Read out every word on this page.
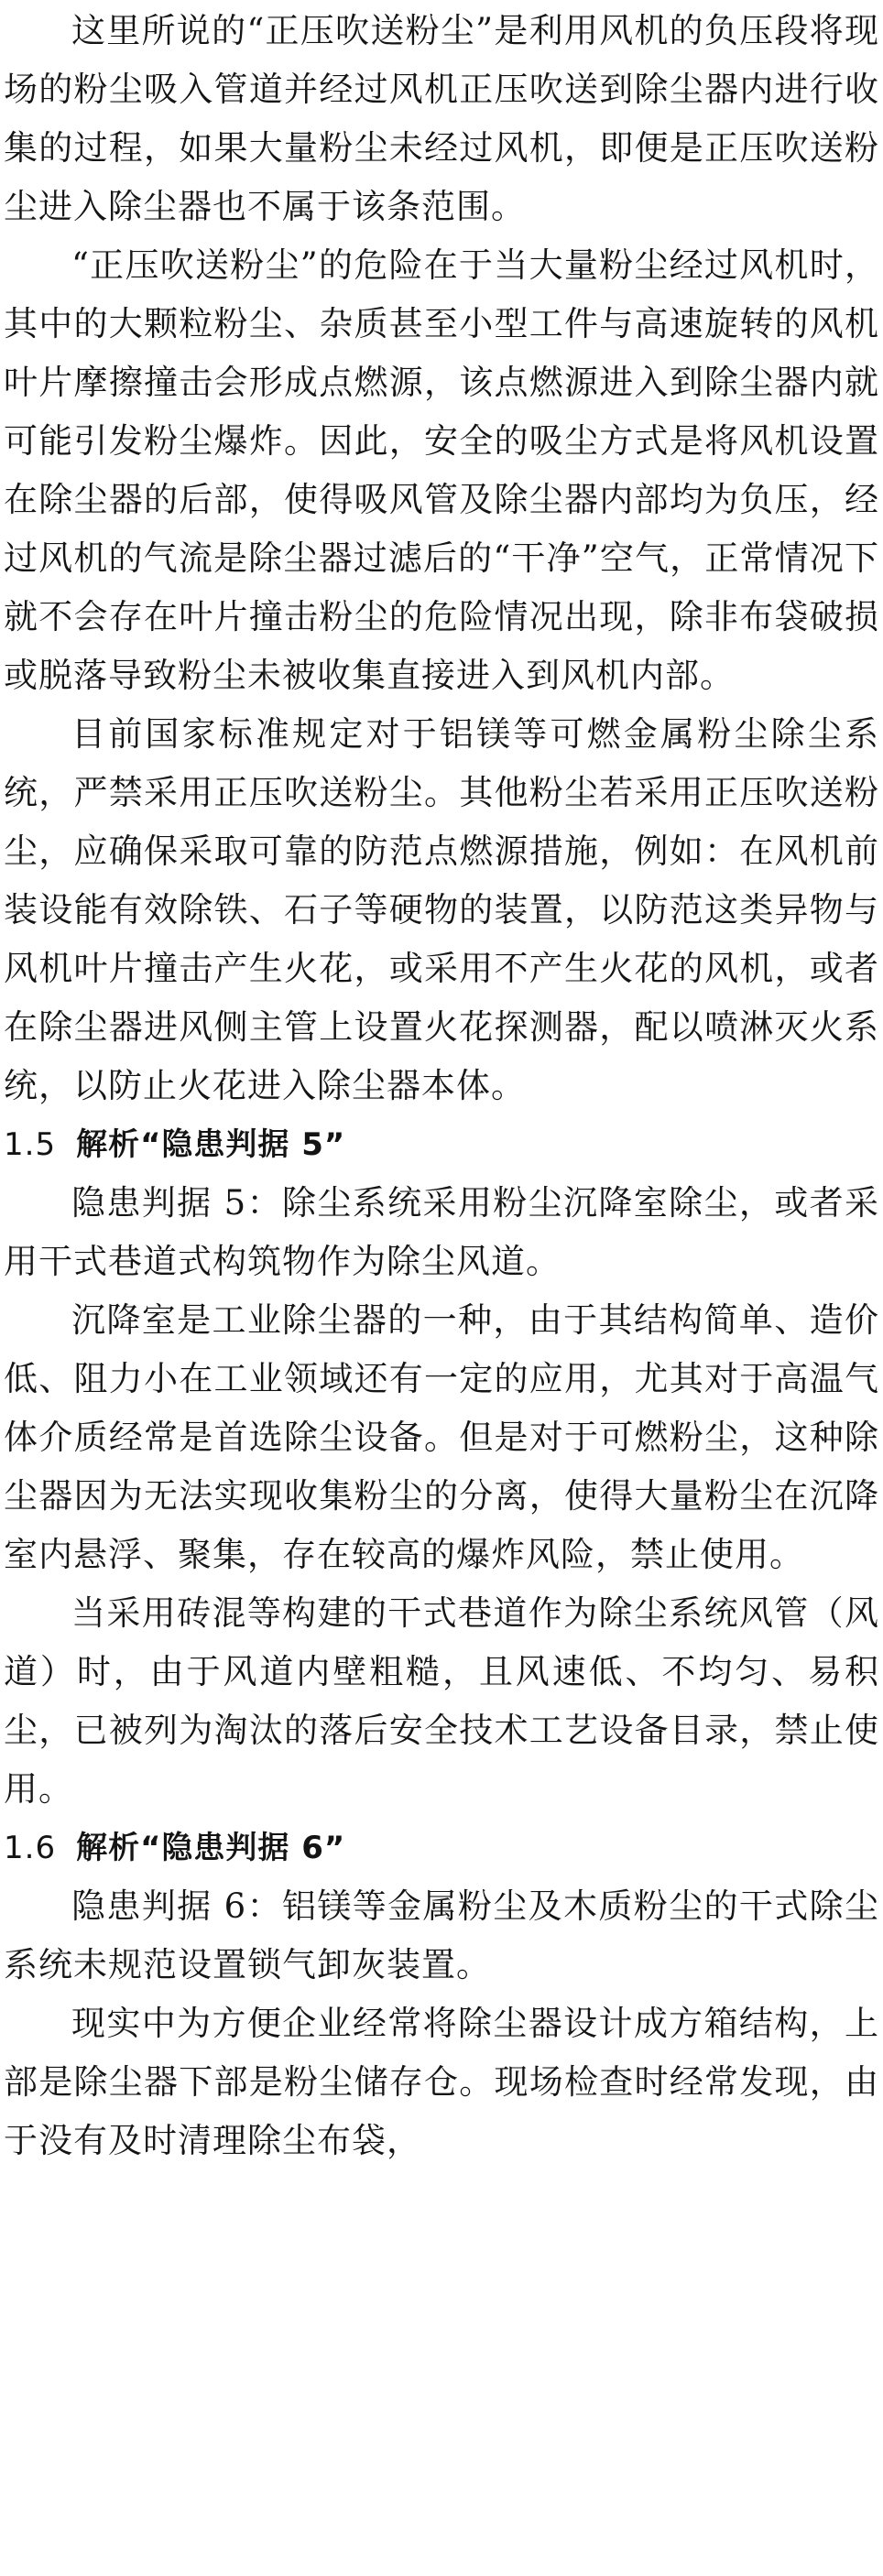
这里所说的“正压吹送粉尘”是利用风机的负压段将现场的粉尘吸入管道并经过风机正压吹送到除尘器内进行收集的过程，如果大量粉尘未经过风机，即便是正压吹送粉尘进入除尘器也不属于该条范围。

“正压吹送粉尘”的危险在于当大量粉尘经过风机时，其中的大颗粒粉尘、杂质甚至小型工件与高速旋转的风机叶片摩擦撞击会形成点燃源，该点燃源进入到除尘器内就可能引发粉尘爆炸。因此，安全的吸尘方式是将风机设置在除尘器的后部，使得吸风管及除尘器内部均为负压，经过风机的气流是除尘器过滤后的“干净”空气，正常情况下就不会存在叶片撞击粉尘的危险情况出现，除非布袋破损或脱落导致粉尘未被收集直接进入到风机内部。

目前国家标准规定对于铝镁等可燃金属粉尘除尘系统，严禁采用正压吹送粉尘。其他粉尘若采用正压吹送粉尘，应确保采取可靠的防范点燃源措施，例如：在风机前装设能有效除铁、石子等硬物的装置，以防范这类异物与风机叶片撞击产生火花，或采用不产生火花的风机，或者在除尘器进风侧主管上设置火花探测器，配以喷淋灭火系统，以防止火花进入除尘器本体。

1.5 解析“隐患判据 5”

隐患判据 5：除尘系统采用粉尘沉降室除尘，或者采用干式巷道式构筑物作为除尘风道。

沉降室是工业除尘器的一种，由于其结构简单、造价低、阻力小在工业领域还有一定的应用，尤其对于高温气体介质经常是首选除尘设备。但是对于可燃粉尘，这种除尘器因为无法实现收集粉尘的分离，使得大量粉尘在沉降室内悬浮、聚集，存在较高的爆炸风险，禁止使用。

当采用砖混等构建的干式巷道作为除尘系统风管（风道）时，由于风道内壁粗糙，且风速低、不均匀、易积尘，已被列为淘汰的落后安全技术工艺设备目录，禁止使用。

1.6 解析“隐患判据 6”

隐患判据 6：铝镁等金属粉尘及木质粉尘的干式除尘系统未规范设置锁气卸灰装置。

现实中为方便企业经常将除尘器设计成方箱结构，上部是除尘器下部是粉尘储存仓。现场检查时经常发现，由于没有及时清理除尘布袋，
